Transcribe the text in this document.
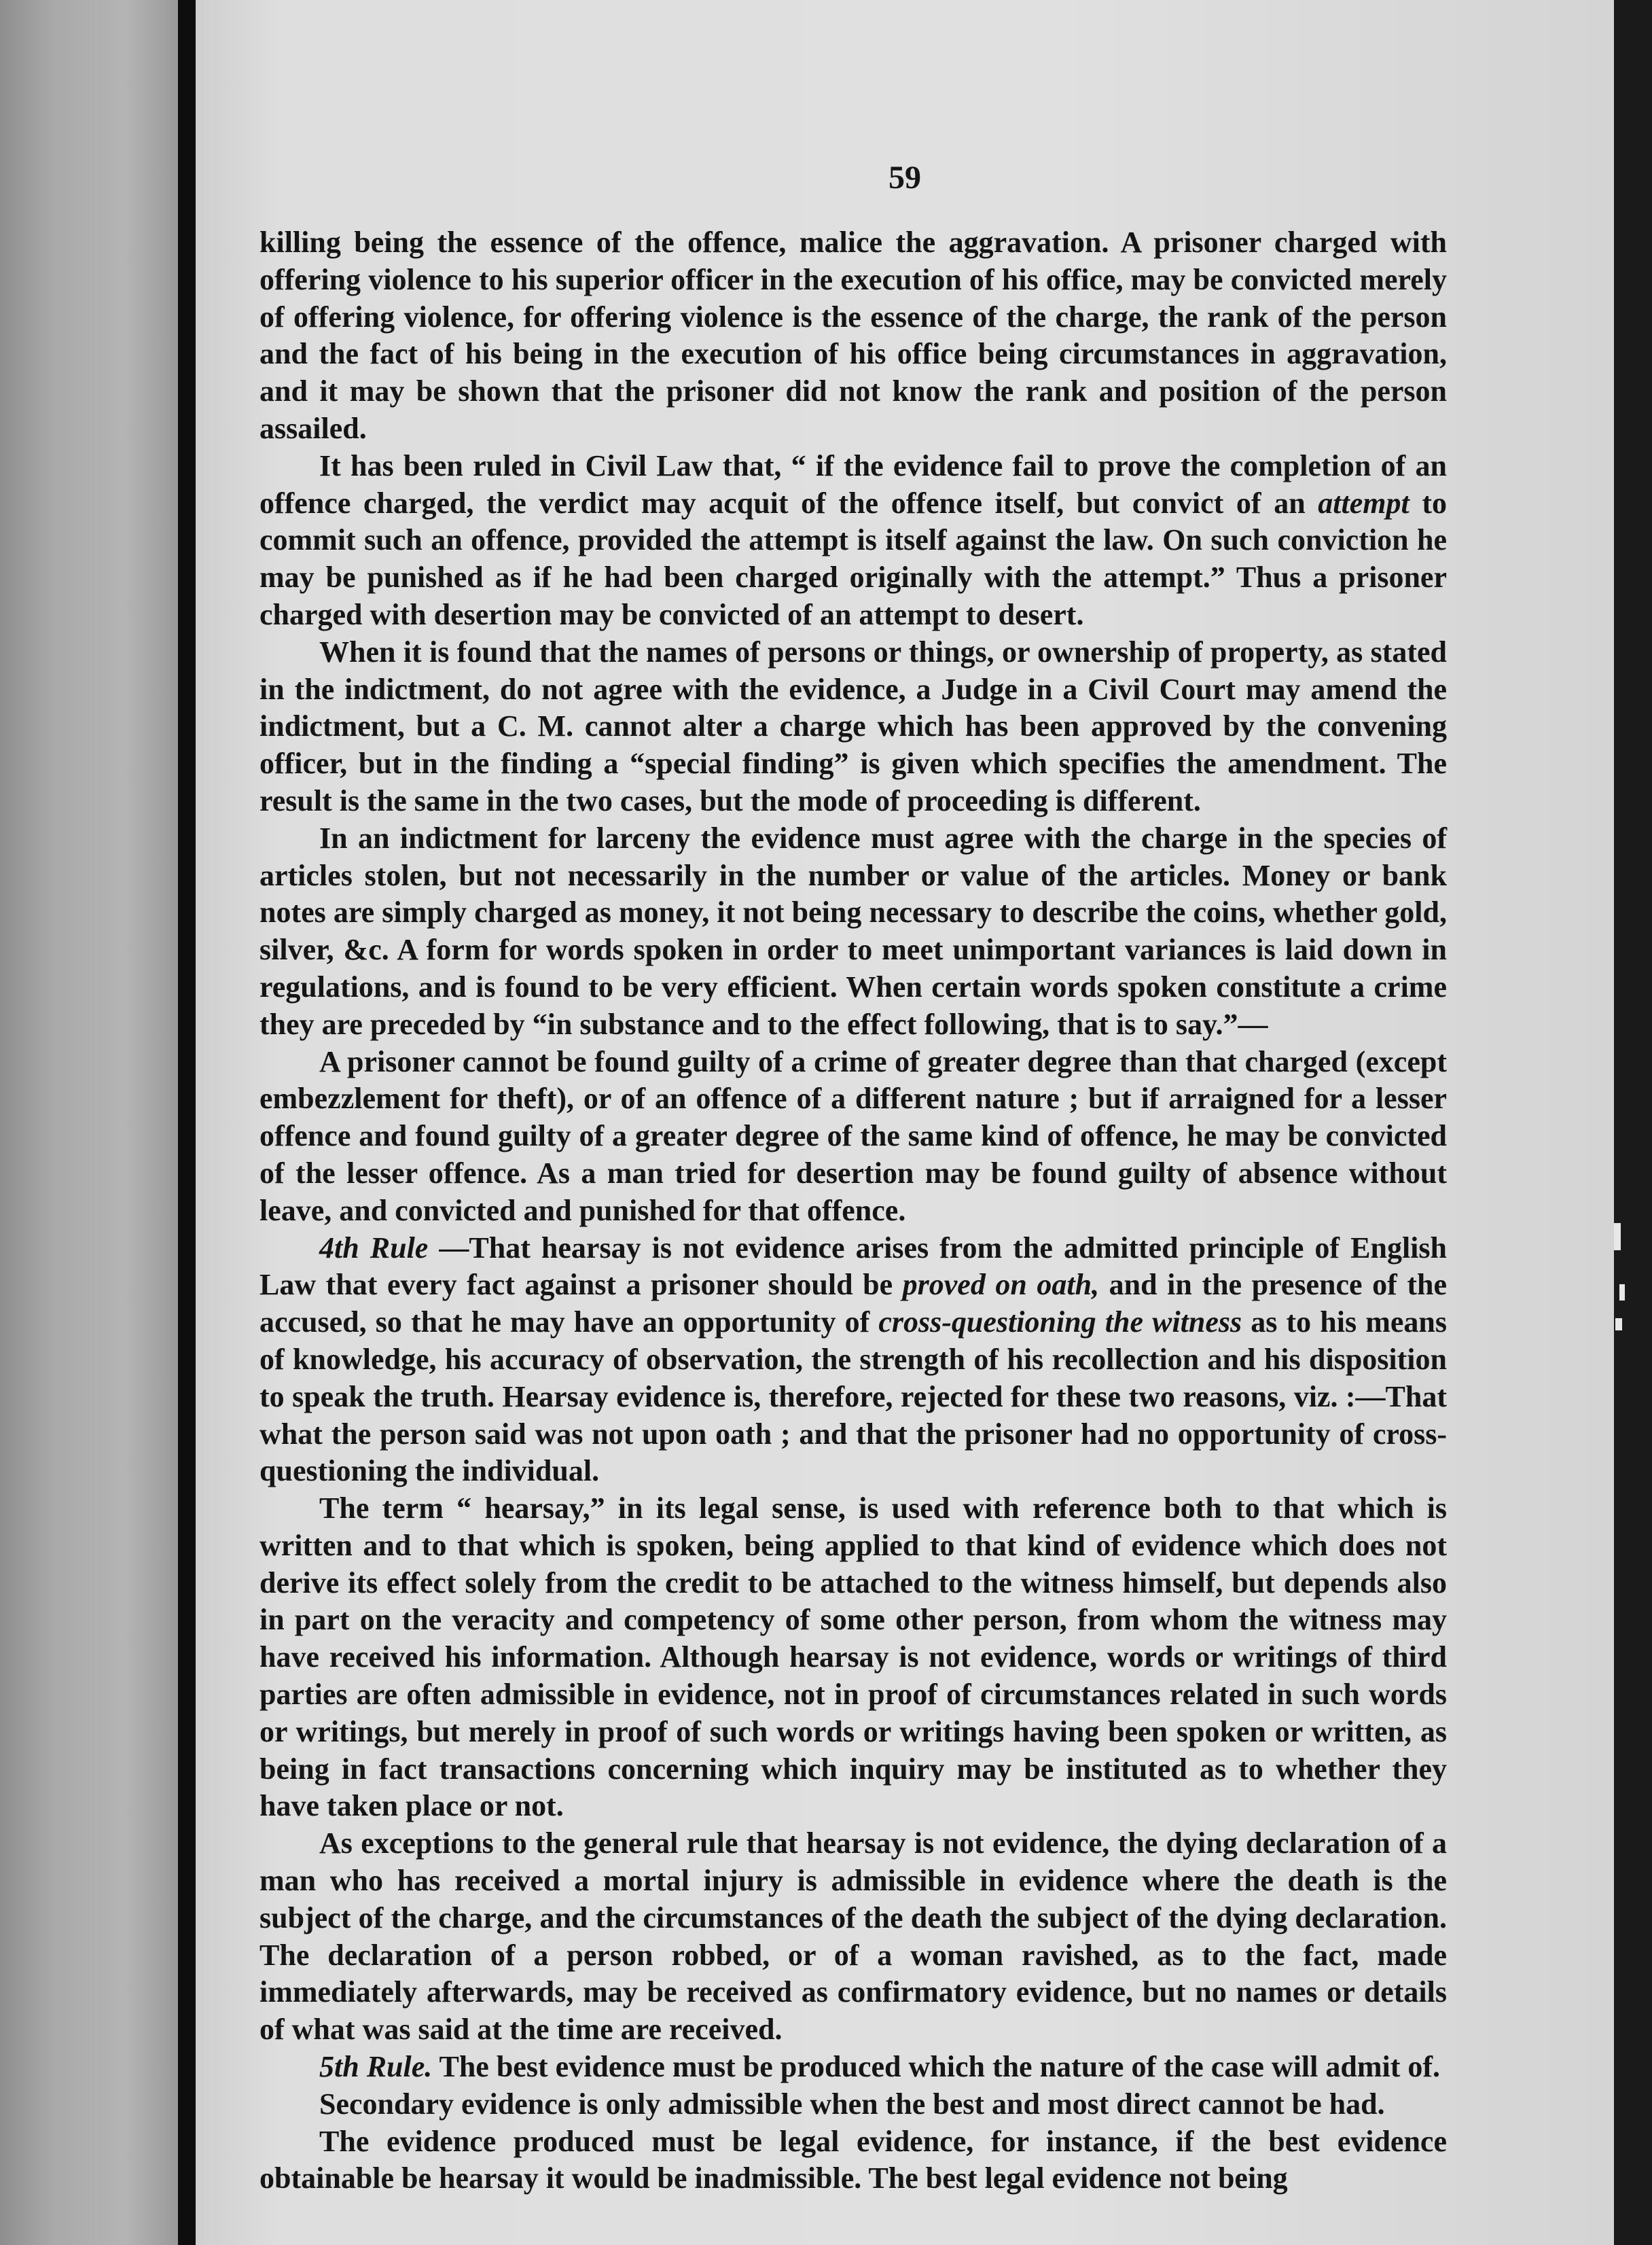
59

killing being the essence of the offence, malice the aggravation. A prisoner charged with offering violence to his superior officer in the execution of his office, may be convicted merely of offering violence, for offering violence is the essence of the charge, the rank of the person and the fact of his being in the execution of his office being circumstances in aggravation, and it may be shown that the prisoner did not know the rank and position of the person assailed.

It has been ruled in Civil Law that, “ if the evidence fail to prove the completion of an offence charged, the verdict may acquit of the offence itself, but convict of an attempt to commit such an offence, provided the attempt is itself against the law. On such conviction he may be punished as if he had been charged originally with the attempt.” Thus a prisoner charged with desertion may be convicted of an attempt to desert.

When it is found that the names of persons or things, or ownership of property, as stated in the indictment, do not agree with the evidence, a Judge in a Civil Court may amend the indictment, but a C. M. cannot alter a charge which has been approved by the convening officer, but in the finding a “special finding” is given which specifies the amendment. The result is the same in the two cases, but the mode of proceeding is different.

In an indictment for larceny the evidence must agree with the charge in the species of articles stolen, but not necessarily in the number or value of the articles. Money or bank notes are simply charged as money, it not being necessary to describe the coins, whether gold, silver, &c. A form for words spoken in order to meet unimportant variances is laid down in regulations, and is found to be very efficient. When certain words spoken constitute a crime they are preceded by “in substance and to the effect following, that is to say.”—

A prisoner cannot be found guilty of a crime of greater degree than that charged (except embezzlement for theft), or of an offence of a different nature ; but if arraigned for a lesser offence and found guilty of a greater degree of the same kind of offence, he may be convicted of the lesser offence. As a man tried for desertion may be found guilty of absence without leave, and convicted and punished for that offence.

4th Rule —That hearsay is not evidence arises from the admitted principle of English Law that every fact against a prisoner should be proved on oath, and in the presence of the accused, so that he may have an opportunity of cross-questioning the witness as to his means of knowledge, his accuracy of observation, the strength of his recollection and his disposition to speak the truth. Hearsay evidence is, therefore, rejected for these two reasons, viz. :—That what the person said was not upon oath ; and that the prisoner had no opportunity of cross-questioning the individual.

The term “ hearsay,” in its legal sense, is used with reference both to that which is written and to that which is spoken, being applied to that kind of evidence which does not derive its effect solely from the credit to be attached to the witness himself, but depends also in part on the veracity and competency of some other person, from whom the witness may have received his information. Although hearsay is not evidence, words or writings of third parties are often admissible in evidence, not in proof of circumstances related in such words or writings, but merely in proof of such words or writings having been spoken or written, as being in fact transactions concerning which inquiry may be instituted as to whether they have taken place or not.

As exceptions to the general rule that hearsay is not evidence, the dying declaration of a man who has received a mortal injury is admissible in evidence where the death is the subject of the charge, and the circumstances of the death the subject of the dying declaration. The declaration of a person robbed, or of a woman ravished, as to the fact, made immediately afterwards, may be received as confirmatory evidence, but no names or details of what was said at the time are received.

5th Rule. The best evidence must be produced which the nature of the case will admit of.

Secondary evidence is only admissible when the best and most direct cannot be had.

The evidence produced must be legal evidence, for instance, if the best evidence obtainable be hearsay it would be inadmissible. The best legal evidence not being
